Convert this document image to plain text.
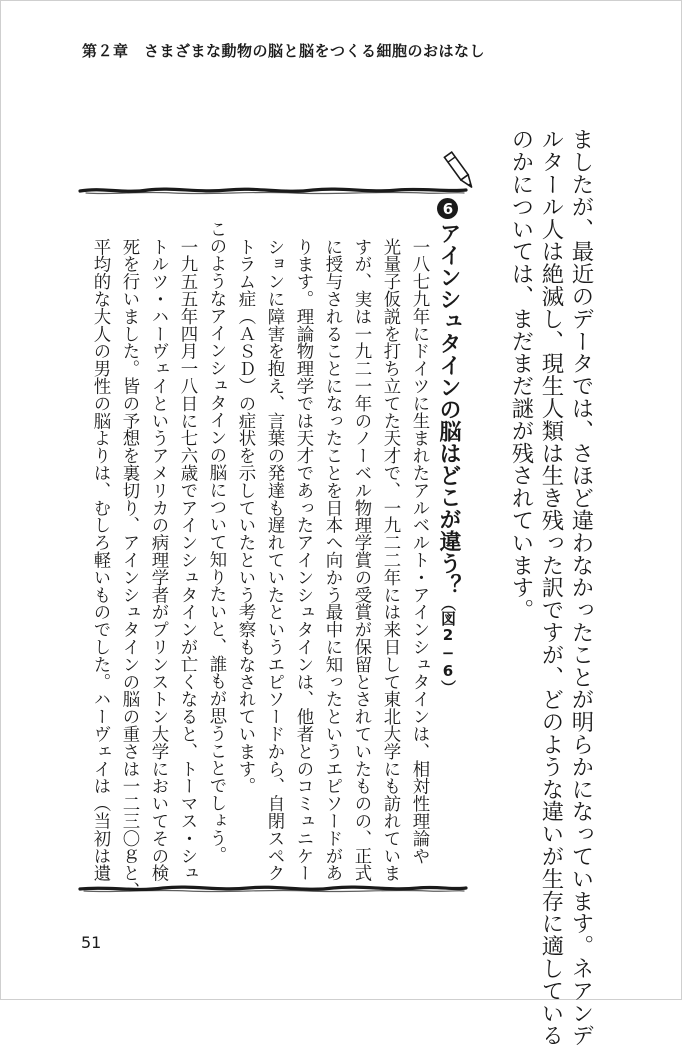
第２章　さまざまな動物の脳と脳をつくる細胞のおはなし
ましたが、最近のデータでは、さほど違わなかったことが明らかになっています。ネアンデ
ルタール人は絶滅し、現生人類は生き残った訳ですが、どのような違いが生存に適している
のかについては、まだまだ謎が残されています。
6アインシュタインの脳はどこが違う？（図2−6）
一八七九年にドイツに生まれたアルベルト・アインシュタインは、相対性理論や
光量子仮説を打ち立てた天才で、一九二二年には来日して東北大学にも訪れていま
すが、実は一九二一年のノーベル物理学賞の受賞が保留とされていたものの、正式
に授与されることになったことを日本へ向かう最中に知ったというエピソードがあ
ります。理論物理学では天才であったアインシュタインは、他者とのコミュニケー
ションに障害を抱え、言葉の発達も遅れていたというエピソードから、自閉スペク
トラム症（ＡＳＤ）の症状を示していたという考察もなされています。
このようなアインシュタインの脳について知りたいと、誰もが思うことでしょう。
一九五五年四月一八日に七六歳でアインシュタインが亡くなると、トーマス・シュ
トルツ・ハーヴェイというアメリカの病理学者がプリンストン大学においてその検
死を行いました。皆の予想を裏切り、アインシュタインの脳の重さは一二三〇ｇと、
平均的な大人の男性の脳よりは、むしろ軽いものでした。ハーヴェイは（当初は遺
51
